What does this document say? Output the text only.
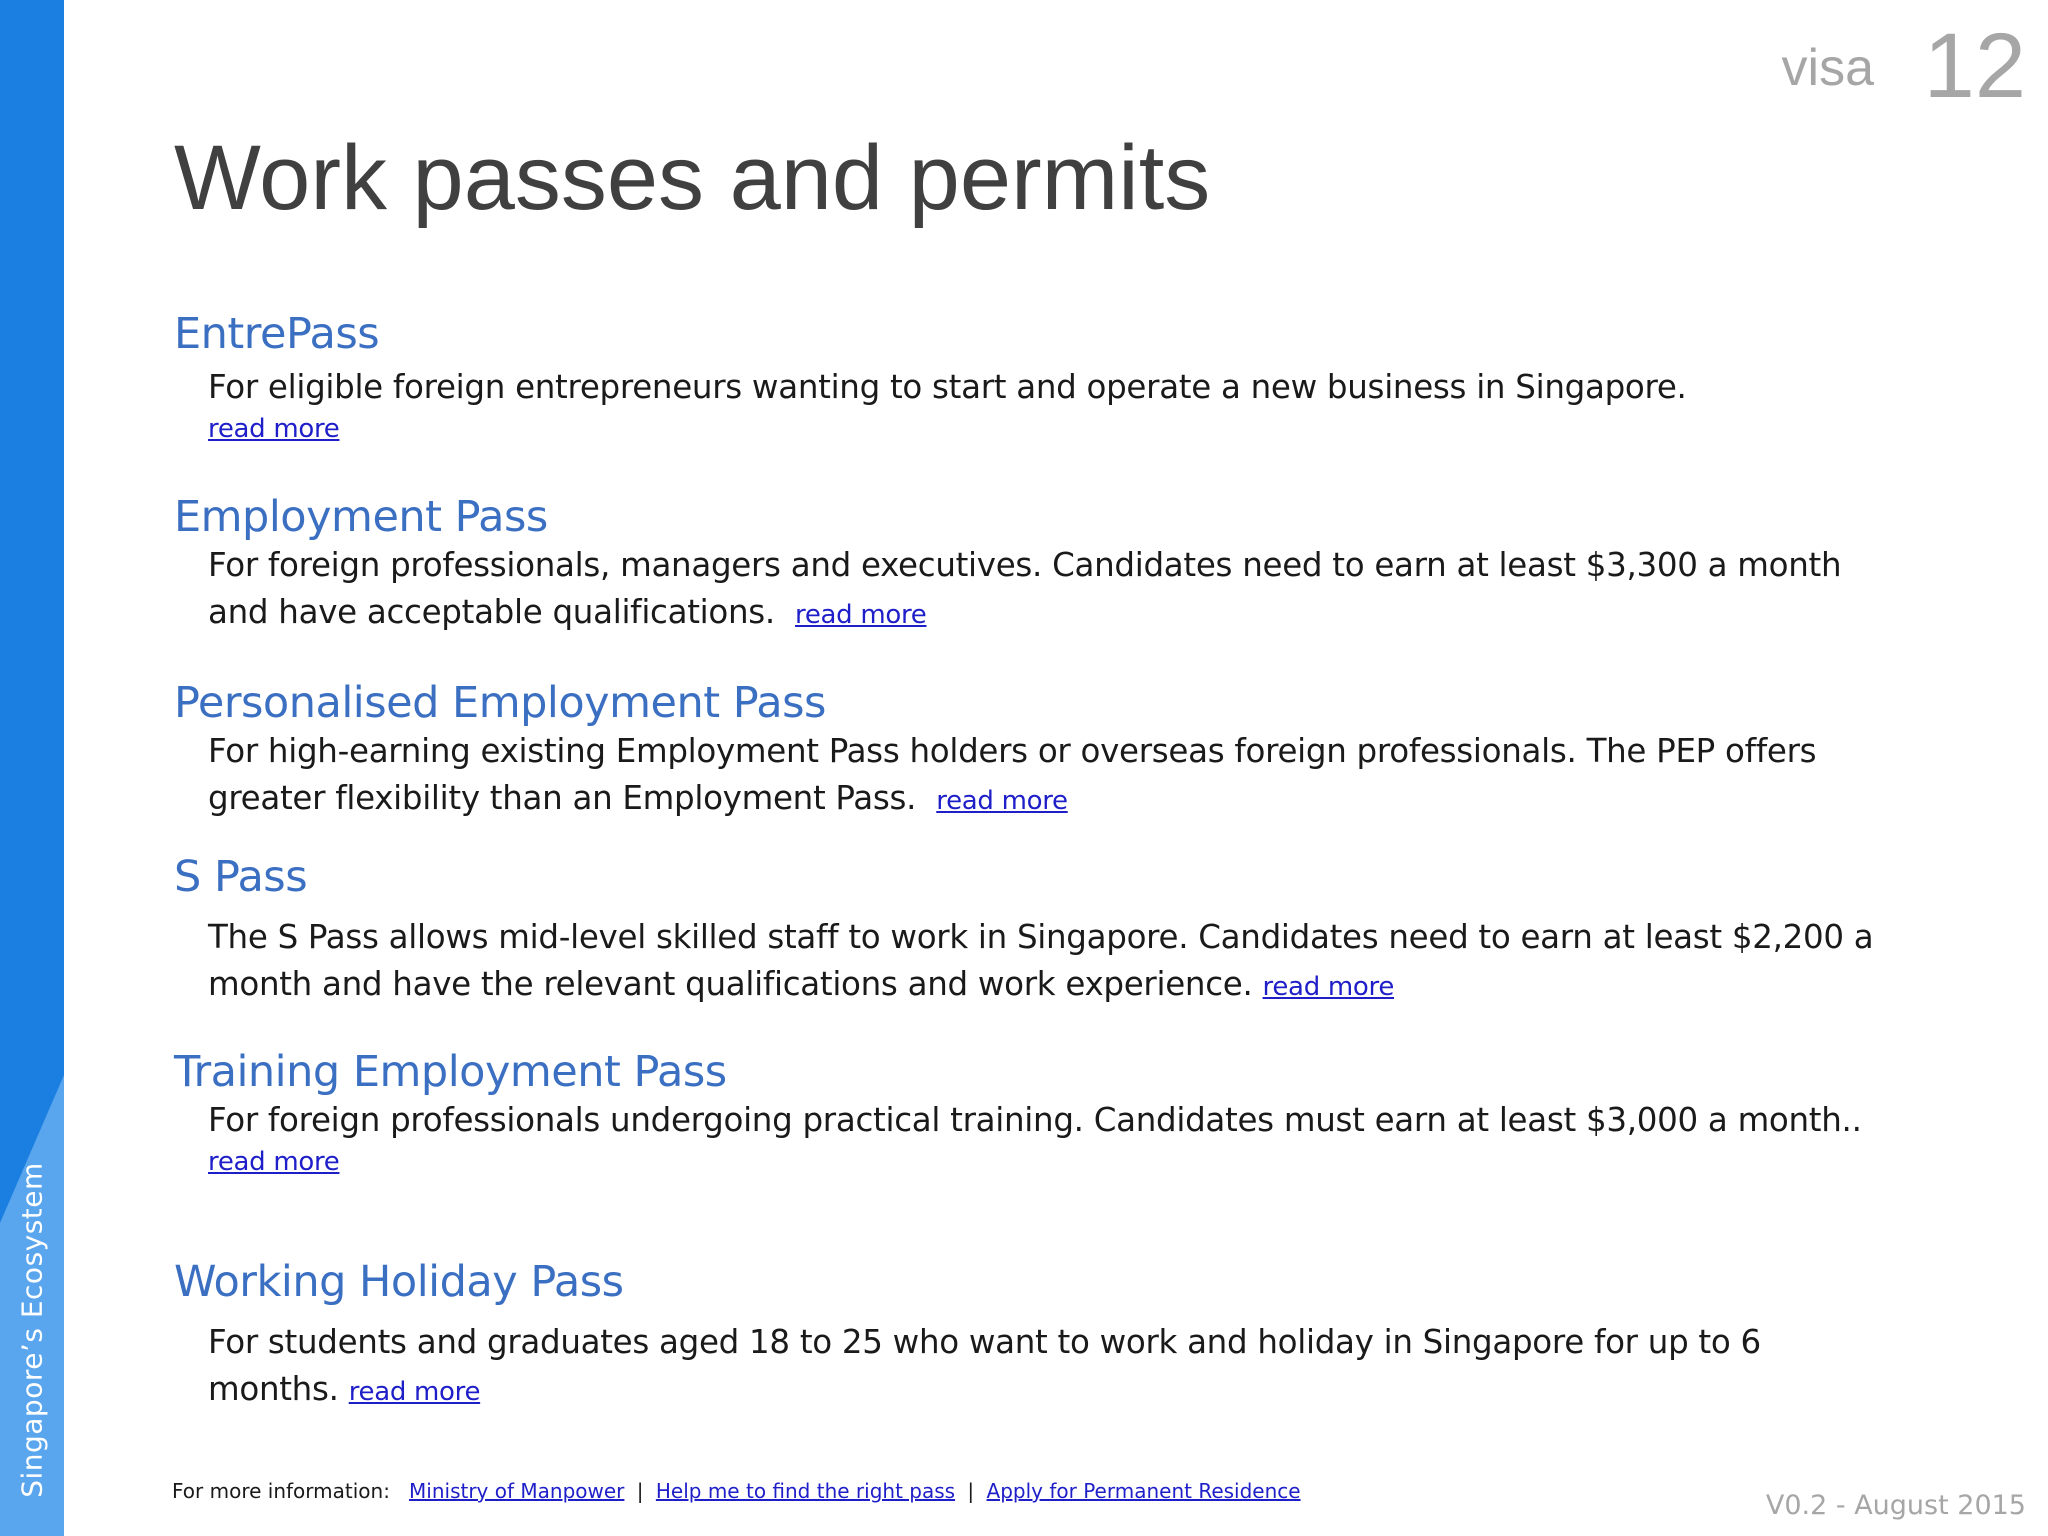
Singapore’s Ecosystem
visa 12
Work passes and permits
EntrePass

For eligible foreign entrepreneurs wanting to start and operate a new business in Singapore.
read more

Employment Pass

For foreign professionals, managers and executives. Candidates need to earn at least $3,300 a month and have acceptable qualifications. read more

Personalised Employment Pass

For high-earning existing Employment Pass holders or overseas foreign professionals. The PEP offers greater flexibility than an Employment Pass. read more

S Pass

The S Pass allows mid-level skilled staff to work in Singapore. Candidates need to earn at least $2,200 a month and have the relevant qualifications and work experience. read more

Training Employment Pass

For foreign professionals undergoing practical training. Candidates must earn at least $3,000 a month..
read more

Working Holiday Pass

For students and graduates aged 18 to 25 who want to work and holiday in Singapore for up to 6 months. read more

For more information: Ministry of Manpower | Help me to find the right pass | Apply for Permanent Residence	V0.2 - August 2015
